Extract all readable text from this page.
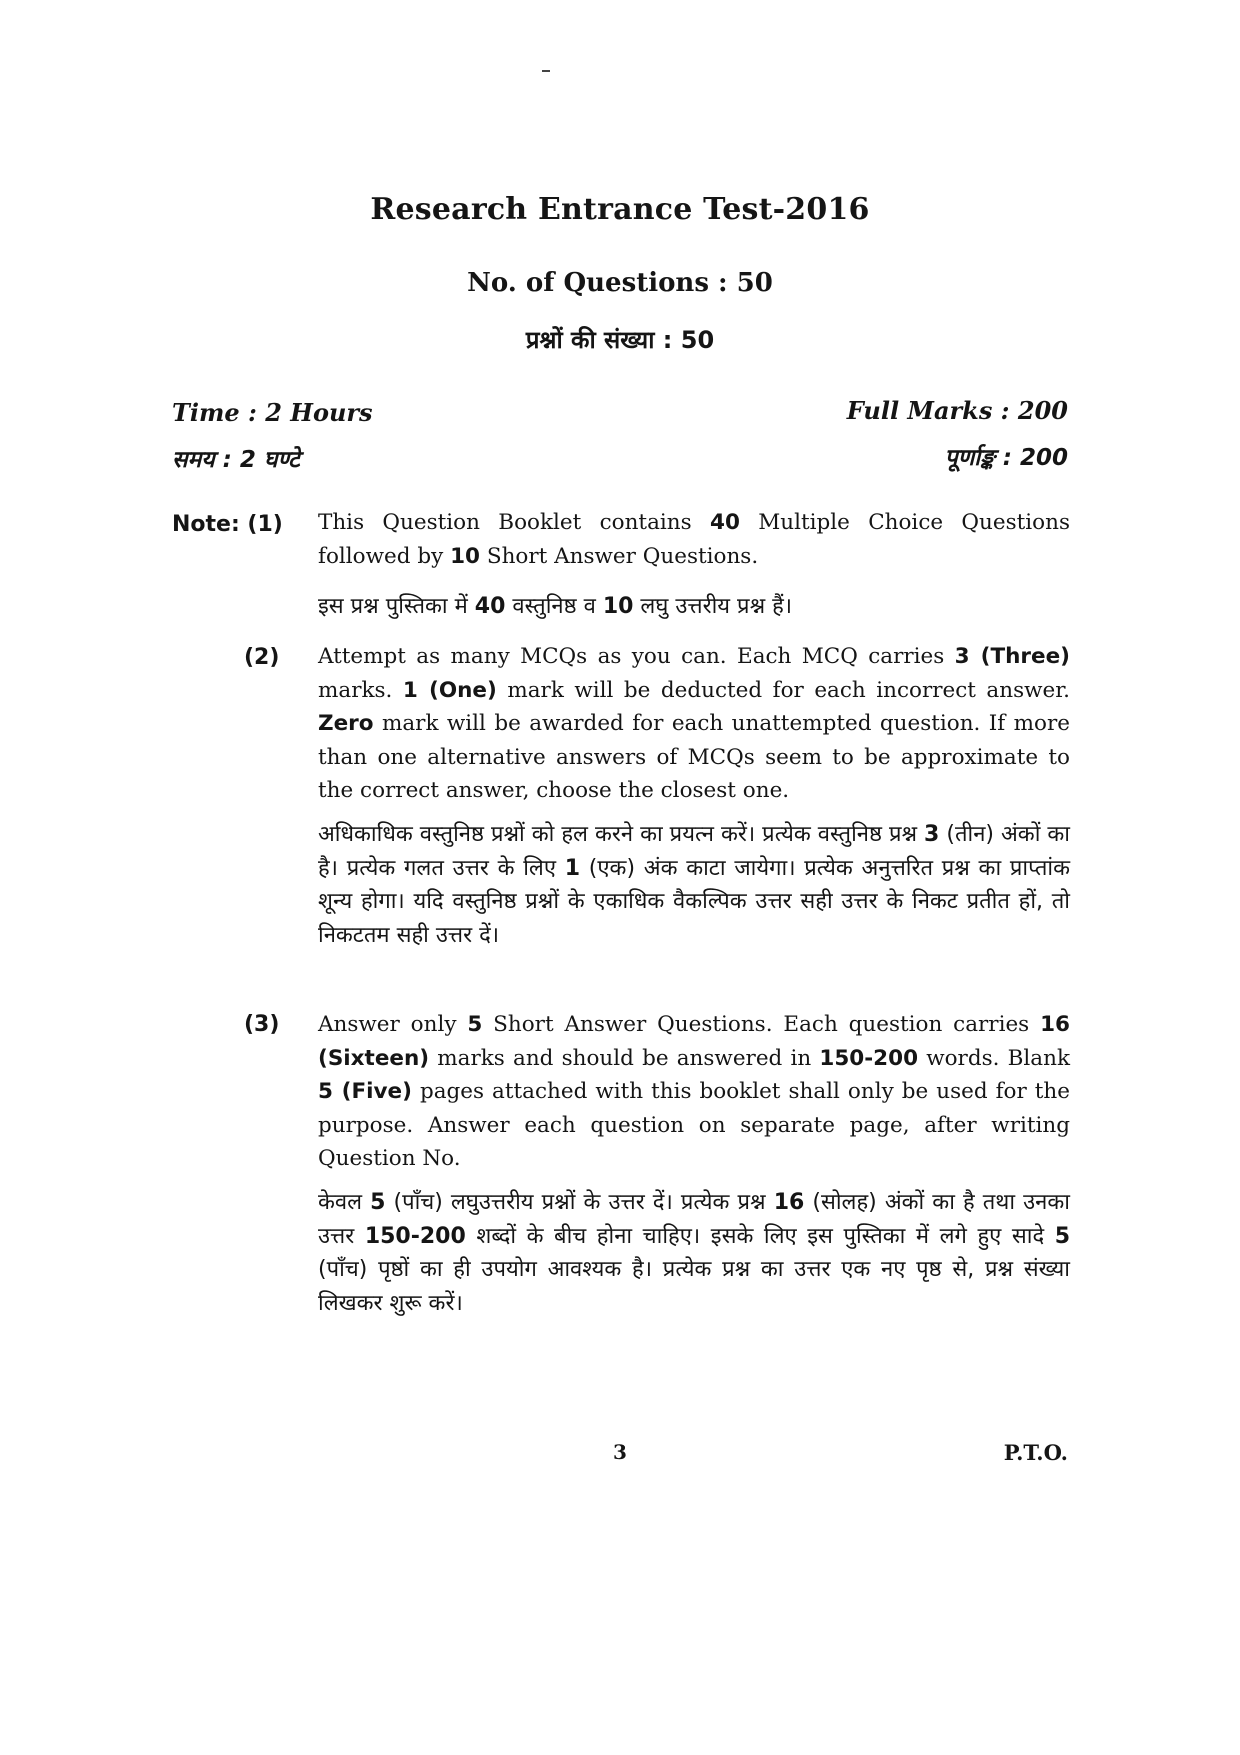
Research Entrance Test-2016
No. of Questions : 50
प्रश्नों की संख्या : 50
Time : 2 Hours
समय : 2 घण्टे
Full Marks : 200
पूर्णाङ्क : 200
Note: (1) This Question Booklet contains 40 Multiple Choice Questions followed by 10 Short Answer Questions.

इस प्रश्न पुस्तिका में 40 वस्तुनिष्ठ व 10 लघु उत्तरीय प्रश्न हैं।

(2) Attempt as many MCQs as you can. Each MCQ carries 3 (Three) marks. 1 (One) mark will be deducted for each incorrect answer. Zero mark will be awarded for each unattempted question. If more than one alternative answers of MCQs seem to be approximate to the correct answer, choose the closest one.

अधिकाधिक वस्तुनिष्ठ प्रश्नों को हल करने का प्रयत्न करें। प्रत्येक वस्तुनिष्ठ प्रश्न 3 (तीन) अंकों का है। प्रत्येक गलत उत्तर के लिए 1 (एक) अंक काटा जायेगा। प्रत्येक अनुत्तरित प्रश्न का प्राप्तांक शून्य होगा। यदि वस्तुनिष्ठ प्रश्नों के एकाधिक वैकल्पिक उत्तर सही उत्तर के निकट प्रतीत हों, तो निकटतम सही उत्तर दें।

(3) Answer only 5 Short Answer Questions. Each question carries 16 (Sixteen) marks and should be answered in 150-200 words. Blank 5 (Five) pages attached with this booklet shall only be used for the purpose. Answer each question on separate page, after writing Question No.

केवल 5 (पाँच) लघुउत्तरीय प्रश्नों के उत्तर दें। प्रत्येक प्रश्न 16 (सोलह) अंकों का है तथा उनका उत्तर 150-200 शब्दों के बीच होना चाहिए। इसके लिए इस पुस्तिका में लगे हुए सादे 5 (पाँच) पृष्ठों का ही उपयोग आवश्यक है। प्रत्येक प्रश्न का उत्तर एक नए पृष्ठ से, प्रश्न संख्या लिखकर शुरू करें।

3	P.T.O.
